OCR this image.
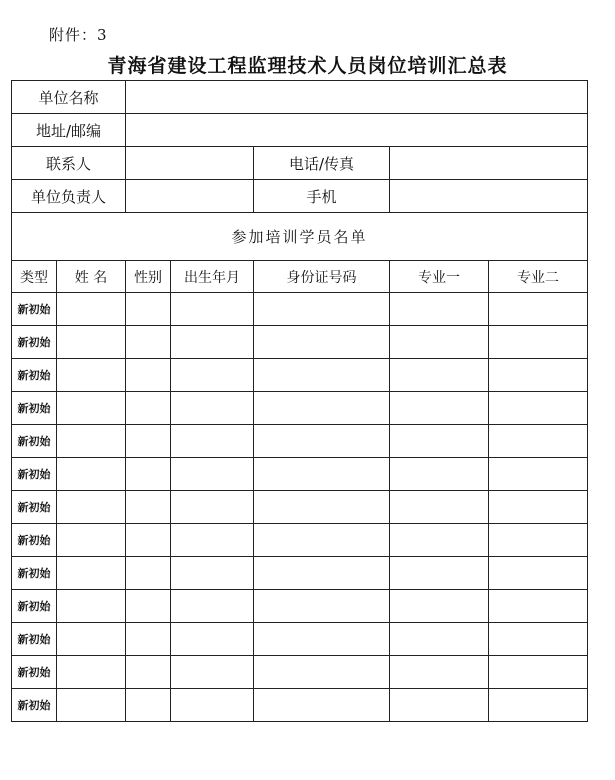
附件：3
青海省建设工程监理技术人员岗位培训汇总表
单位名称						
地址/邮编						
联系人				电话/传真		
单位负责人				手机		
参加培训学员名单						
类型	姓 名	性别	出生年月	身份证号码	专业一	专业二
新初始						
新初始						
新初始						
新初始						
新初始						
新初始						
新初始						
新初始						
新初始						
新初始						
新初始						
新初始						
新初始						
